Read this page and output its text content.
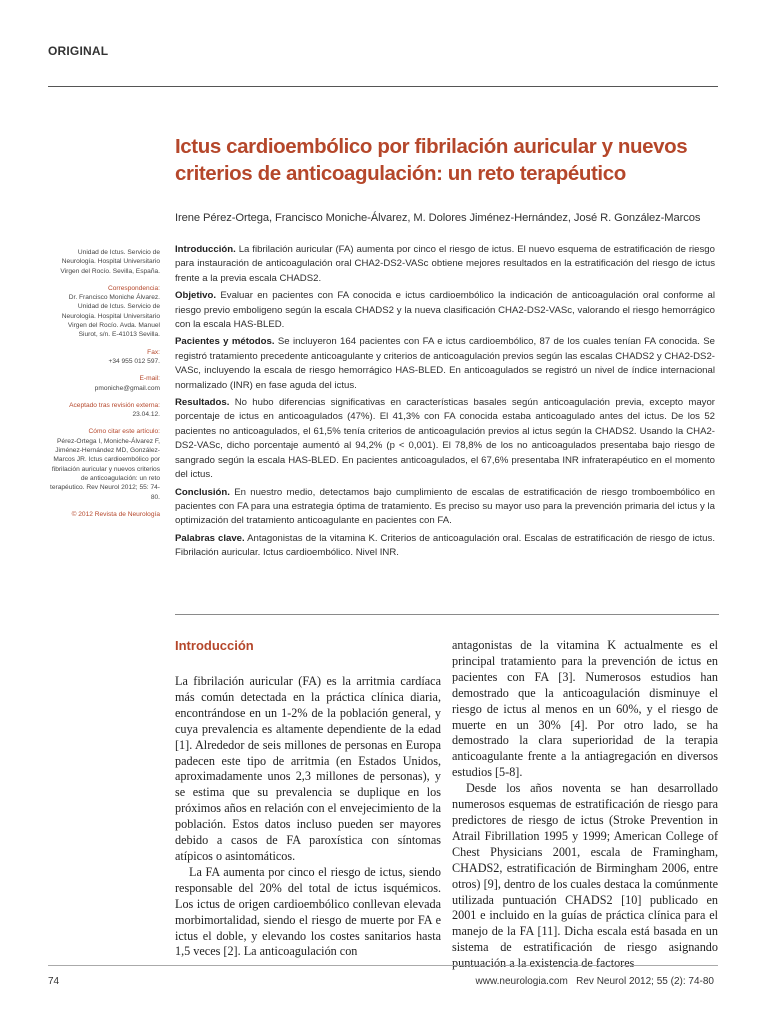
ORIGINAL
Ictus cardioembólico por fibrilación auricular y nuevos criterios de anticoagulación: un reto terapéutico
Irene Pérez-Ortega, Francisco Moniche-Álvarez, M. Dolores Jiménez-Hernández, José R. González-Marcos
Unidad de Ictus. Servicio de Neurología. Hospital Universitario Virgen del Rocío. Sevilla, España.
Correspondencia:
Dr. Francisco Moniche Álvarez. Unidad de Ictus. Servicio de Neurología. Hospital Universitario Virgen del Rocío. Avda. Manuel Siurot, s/n. E-41013 Sevilla.
Fax:
+34 955 012 597.
E-mail:
pmoniche@gmail.com
Aceptado tras revisión externa:
23.04.12.
Cómo citar este artículo:
Pérez-Ortega I, Moniche-Álvarez F, Jiménez-Hernández MD, González-Marcos JR. Ictus cardioembólico por fibrilación auricular y nuevos criterios de anticoagulación: un reto terapéutico. Rev Neurol 2012; 55: 74-80.
© 2012 Revista de Neurología

Introducción. La fibrilación auricular (FA) aumenta por cinco el riesgo de ictus. El nuevo esquema de estratificación de riesgo para instauración de anticoagulación oral CHA2-DS2-VASc obtiene mejores resultados en la estratificación del riesgo de ictus frente a la previa escala CHADS2.

Objetivo. Evaluar en pacientes con FA conocida e ictus cardioembólico la indicación de anticoagulación oral conforme al riesgo previo emboligeno según la escala CHADS2 y la nueva clasificación CHA2-DS2-VASc, valorando el riesgo hemorrágico con la escala HAS-BLED.

Pacientes y métodos. Se incluyeron 164 pacientes con FA e ictus cardioembólico, 87 de los cuales tenían FA conocida. Se registró tratamiento precedente anticoagulante y criterios de anticoagulación previos según las escalas CHADS2 y CHA2-DS2-VASc, incluyendo la escala de riesgo hemorrágico HAS-BLED. En anticoagulados se registró un nivel de índice internacional normalizado (INR) en fase aguda del ictus.

Resultados. No hubo diferencias significativas en características basales según anticoagulación previa, excepto mayor porcentaje de ictus en anticoagulados (47%). El 41,3% con FA conocida estaba anticoagulado antes del ictus. De los 52 pacientes no anticoagulados, el 61,5% tenía criterios de anticoagulación previos al ictus según la CHADS2. Usando la CHA2-DS2-VASc, dicho porcentaje aumentó al 94,2% (p < 0,001). El 78,8% de los no anticoagulados presentaba bajo riesgo de sangrado según la escala HAS-BLED. En pacientes anticoagulados, el 67,6% presentaba INR infraterapéutico en el momento del ictus.

Conclusión. En nuestro medio, detectamos bajo cumplimiento de escalas de estratificación de riesgo tromboembólico en pacientes con FA para una estrategia óptima de tratamiento. Es preciso su mayor uso para la prevención primaria del ictus y la optimización del tratamiento anticoagulante en pacientes con FA.

Palabras clave. Antagonistas de la vitamina K. Criterios de anticoagulación oral. Escalas de estratificación de riesgo de ictus. Fibrilación auricular. Ictus cardioembólico. Nivel INR.

Introducción

La fibrilación auricular (FA) es la arritmia cardíaca más común detectada en la práctica clínica diaria, encontrándose en un 1-2% de la población general, y cuya prevalencia es altamente dependiente de la edad [1]. Alrededor de seis millones de personas en Europa padecen este tipo de arritmia (en Estados Unidos, aproximadamente unos 2,3 millones de personas), y se estima que su prevalencia se duplique en los próximos años en relación con el envejecimiento de la población. Estos datos incluso pueden ser mayores debido a casos de FA paroxística con síntomas atípicos o asintomáticos.

La FA aumenta por cinco el riesgo de ictus, siendo responsable del 20% del total de ictus isquémicos. Los ictus de origen cardioembólico conllevan elevada morbimortalidad, siendo el riesgo de muerte por FA e ictus el doble, y elevando los costes sanitarios hasta 1,5 veces [2]. La anticoagulación con

antagonistas de la vitamina K actualmente es el principal tratamiento para la prevención de ictus en pacientes con FA [3]. Numerosos estudios han demostrado que la anticoagulación disminuye el riesgo de ictus al menos en un 60%, y el riesgo de muerte en un 30% [4]. Por otro lado, se ha demostrado la clara superioridad de la terapia anticoagulante frente a la antiagregación en diversos estudios [5-8].

Desde los años noventa se han desarrollado numerosos esquemas de estratificación de riesgo para predictores de riesgo de ictus (Stroke Prevention in Atrail Fibrillation 1995 y 1999; American College of Chest Physicians 2001, escala de Framingham, CHADS2, estratificación de Birmingham 2006, entre otros) [9], dentro de los cuales destaca la comúnmente utilizada puntuación CHADS2 [10] publicado en 2001 e incluido en la guías de práctica clínica para el manejo de la FA [11]. Dicha escala está basada en un sistema de estratificación de riesgo asignando puntuación a la existencia de factores

74	www.neurologia.com Rev Neurol 2012; 55 (2): 74-80
